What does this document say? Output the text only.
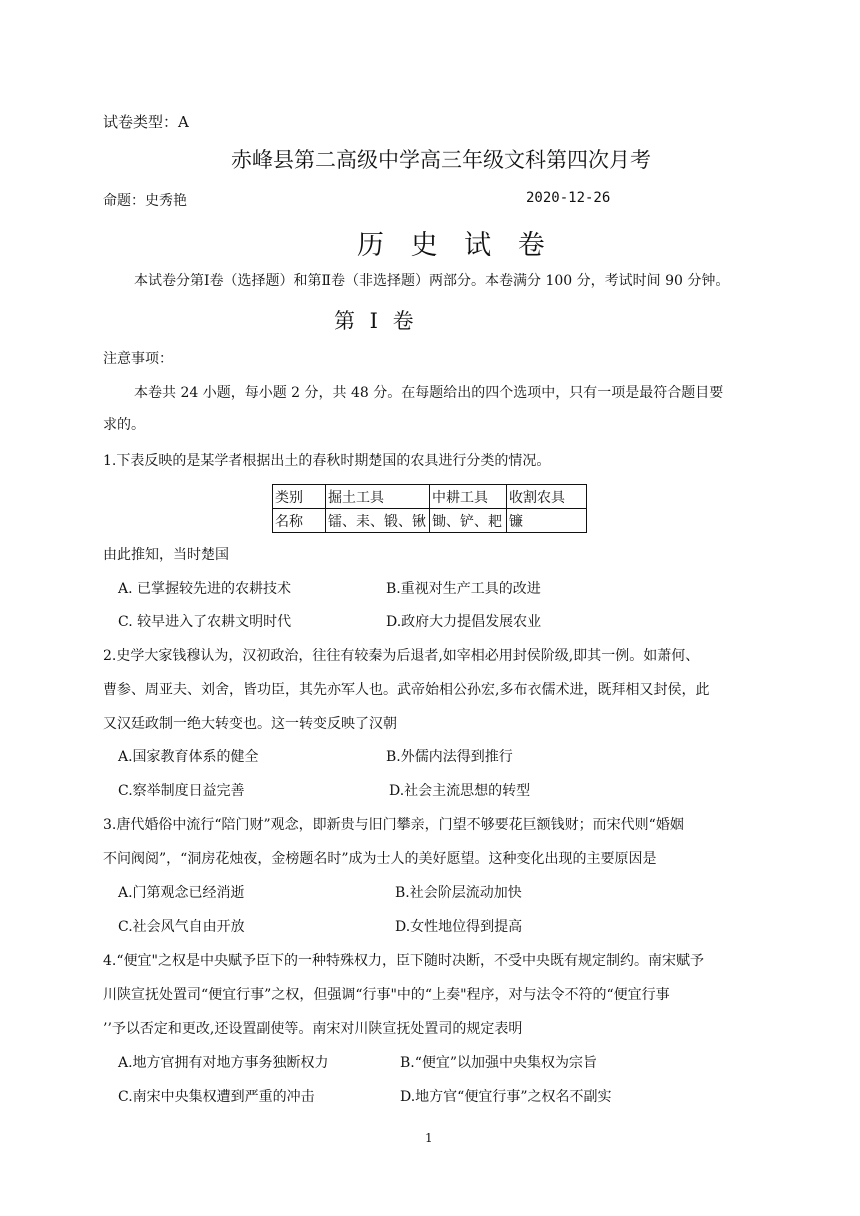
试卷类型：A
赤峰县第二高级中学高三年级文科第四次月考
命题：史秀艳	2020-12-26
历 史 试 卷
本试卷分第Ⅰ卷（选择题）和第Ⅱ卷（非选择题）两部分。本卷满分 100 分，考试时间 90 分钟。
第 Ⅰ 卷
注意事项：
本卷共 24 小题，每小题 2 分，共 48 分。在每题给出的四个选项中，只有一项是最符合题目要
求的。
1.下表反映的是某学者根据出土的春秋时期楚国的农具进行分类的情况。
类别	掘土工具	中耕工具	收割农具
名称	镭、耒、锻、锹	锄、铲、耙	镰
由此推知，当时楚国
A. 已掌握较先进的农耕技术	B.重视对生产工具的改进
C. 较早进入了农耕文明时代	D.政府大力提倡发展农业
2.史学大家钱穆认为，汉初政治，往往有较秦为后退者,如宰相必用封侯阶级,即其一例。如萧何、
曹参、周亚夫、刘舍，皆功臣，其先亦军人也。武帝始相公孙宏,多布衣儒术进，既拜相又封侯，此
又汉廷政制一绝大转变也。这一转变反映了汉朝
A.国家教育体系的健全	B.外儒内法得到推行
C.察举制度日益完善	D.社会主流思想的转型
3.唐代婚俗中流行“陪门财”观念，即新贵与旧门攀亲，门望不够要花巨额钱财；而宋代则“婚姻
不问阀阅”，“洞房花烛夜，金榜题名时”成为士人的美好愿望。这种变化出现的主要原因是
A.门第观念已经消逝	B.社会阶层流动加快
C.社会风气自由开放	D.女性地位得到提高
4.“便宜"之权是中央赋予臣下的一种特殊权力，臣下随时决断，不受中央既有规定制约。南宋赋予
川陕宣抚处置司“便宜行事”之权，但强调“行事"中的“上奏"程序，对与法令不符的“便宜行事
’’予以否定和更改,还设置副使等。南宋对川陕宣抚处置司的规定表明
A.地方官拥有对地方事务独断权力	B.“便宜”以加强中央集权为宗旨
C.南宋中央集权遭到严重的冲击	D.地方官“便宜行事”之权名不副实
1
